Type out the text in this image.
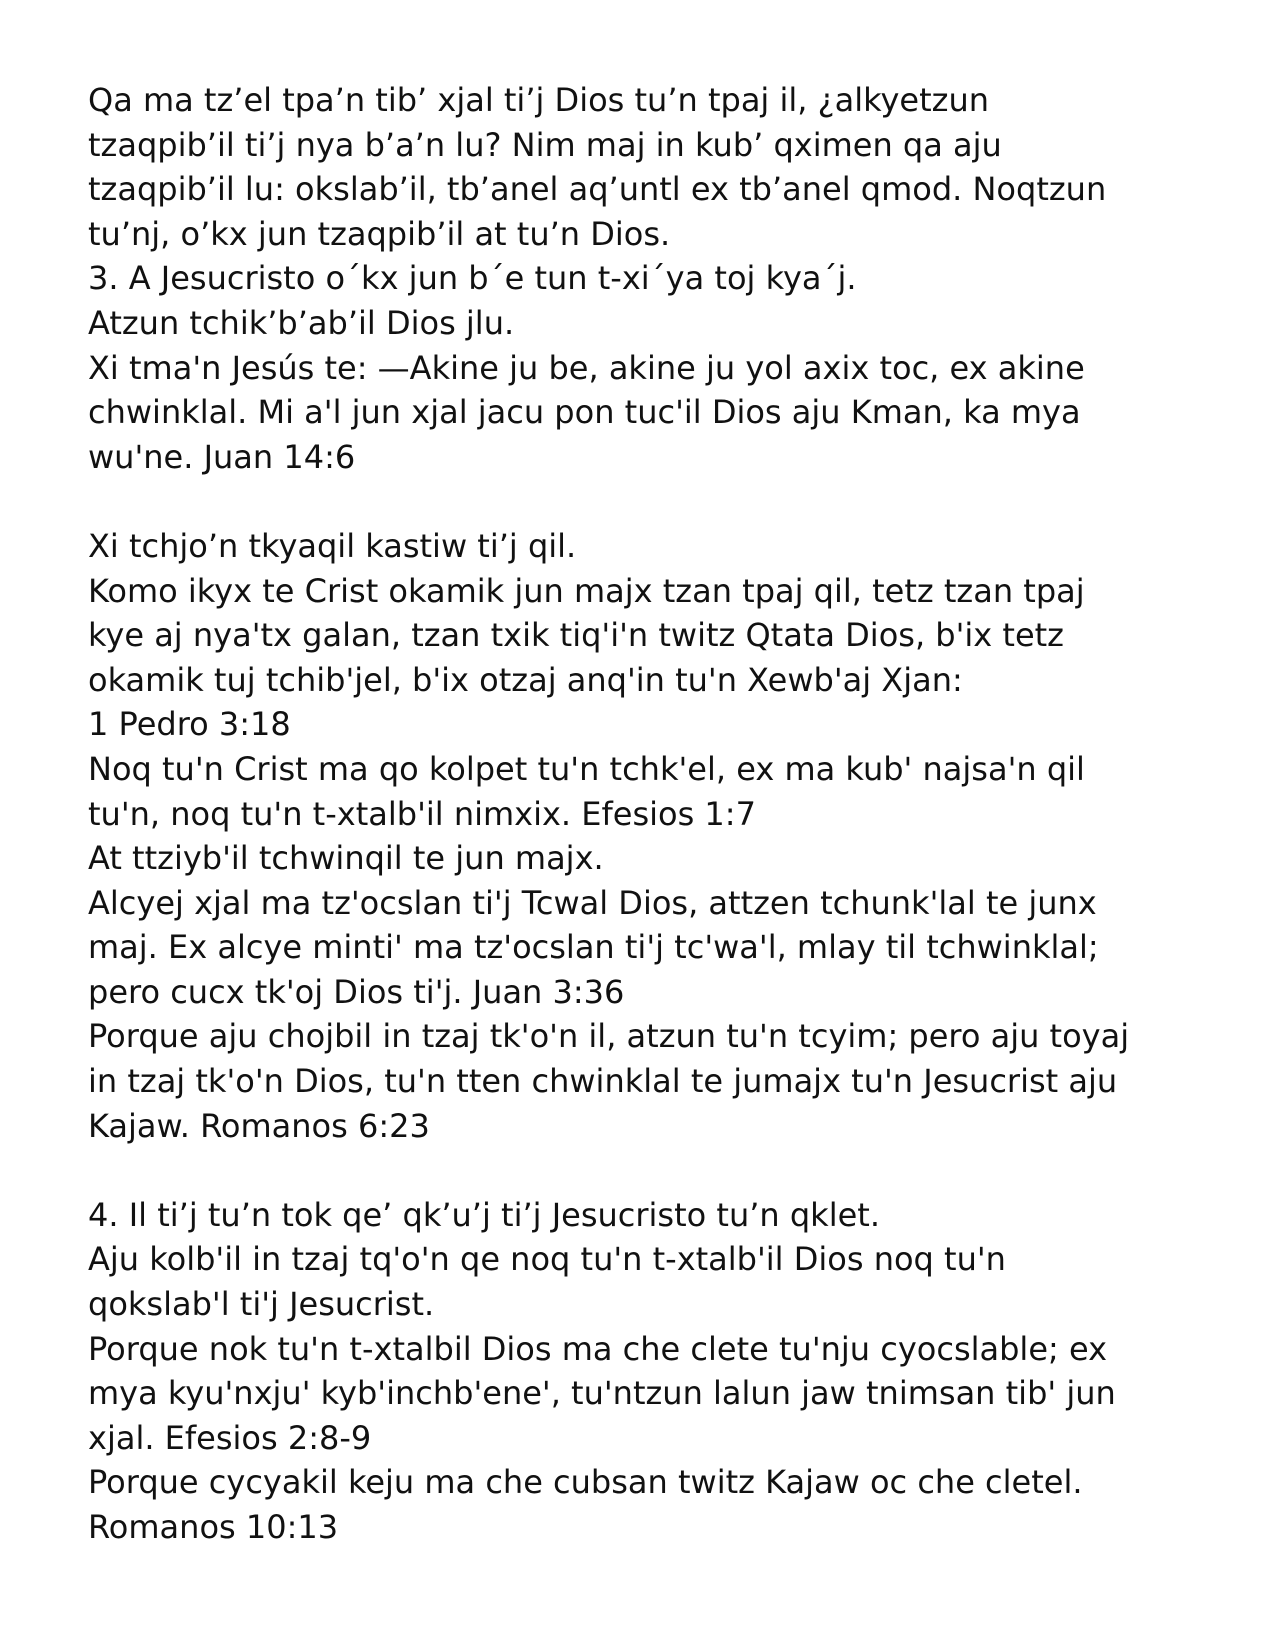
Qa ma tz’el tpa’n tib’ xjal ti’j Dios tu’n tpaj il, ¿alkyetzun
tzaqpib’il ti’j nya b’a’n lu? Nim maj in kub’ qximen qa aju
tzaqpib’il lu: okslab’il, tb’anel aq’untl ex tb’anel qmod. Noqtzun
tu’nj, o’kx jun tzaqpib’il at tu’n Dios.
3. A Jesucristo o´kx jun b´e tun t-xi´ya toj kya´j.
Atzun tchik’b’ab’il Dios jlu.
Xi tma'n Jesús te: —Akine ju be, akine ju yol axix toc, ex akine
chwinklal. Mi a'l jun xjal jacu pon tuc'il Dios aju Kman, ka mya
wu'ne. Juan 14:6
Xi tchjo’n tkyaqil kastiw ti’j qil.
Komo ikyx te Crist okamik jun majx tzan tpaj qil, tetz tzan tpaj
kye aj nya'tx galan, tzan txik tiq'i'n twitz Qtata Dios, b'ix tetz
okamik tuj tchib'jel, b'ix otzaj anq'in tu'n Xewb'aj Xjan:
1 Pedro 3:18
Noq tu'n Crist ma qo kolpet tu'n tchk'el, ex ma kub' najsa'n qil
tu'n, noq tu'n t-xtalb'il nimxix. Efesios 1:7
At ttziyb'il tchwinqil te jun majx.
Alcyej xjal ma tz'ocslan ti'j Tcwal Dios, attzen tchunk'lal te junx
maj. Ex alcye minti' ma tz'ocslan ti'j tc'wa'l, mlay til tchwinklal;
pero cucx tk'oj Dios ti'j. Juan 3:36
Porque aju chojbil in tzaj tk'o'n il, atzun tu'n tcyim; pero aju toyaj
in tzaj tk'o'n Dios, tu'n tten chwinklal te jumajx tu'n Jesucrist aju
Kajaw. Romanos 6:23
4. Il ti’j tu’n tok qe’ qk’u’j ti’j Jesucristo tu’n qklet.
Aju kolb'il in tzaj tq'o'n qe noq tu'n t-xtalb'il Dios noq tu'n
qokslab'l ti'j Jesucrist.
Porque nok tu'n t-xtalbil Dios ma che clete tu'nju cyocslable; ex
mya kyu'nxju' kyb'inchb'ene', tu'ntzun lalun jaw tnimsan tib' jun
xjal. Efesios 2:8-9
Porque cycyakil keju ma che cubsan twitz Kajaw oc che cletel.
Romanos 10:13
